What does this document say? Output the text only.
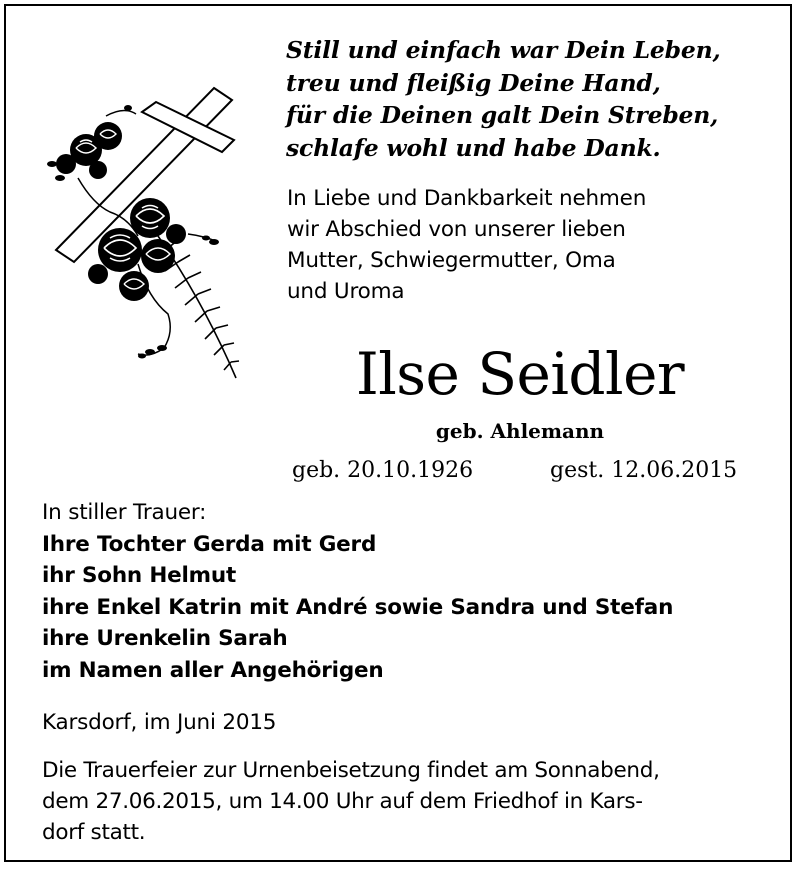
Still und einfach war Dein Leben,
treu und fleißig Deine Hand,
für die Deinen galt Dein Streben,
schlafe wohl und habe Dank.
In Liebe und Dankbarkeit nehmen
wir Abschied von unserer lieben
Mutter, Schwiegermutter, Oma
und Uroma
Ilse Seidler
geb. Ahlemann
geb. 20.10.1926	gest. 12.06.2015
In stiller Trauer:
Ihre Tochter Gerda mit Gerd
ihr Sohn Helmut
ihre Enkel Katrin mit André sowie Sandra und Stefan
ihre Urenkelin Sarah
im Namen aller Angehörigen
Karsdorf, im Juni 2015
Die Trauerfeier zur Urnenbeisetzung findet am Sonnabend,
dem 27.06.2015, um 14.00 Uhr auf dem Friedhof in Kars-
dorf statt.
